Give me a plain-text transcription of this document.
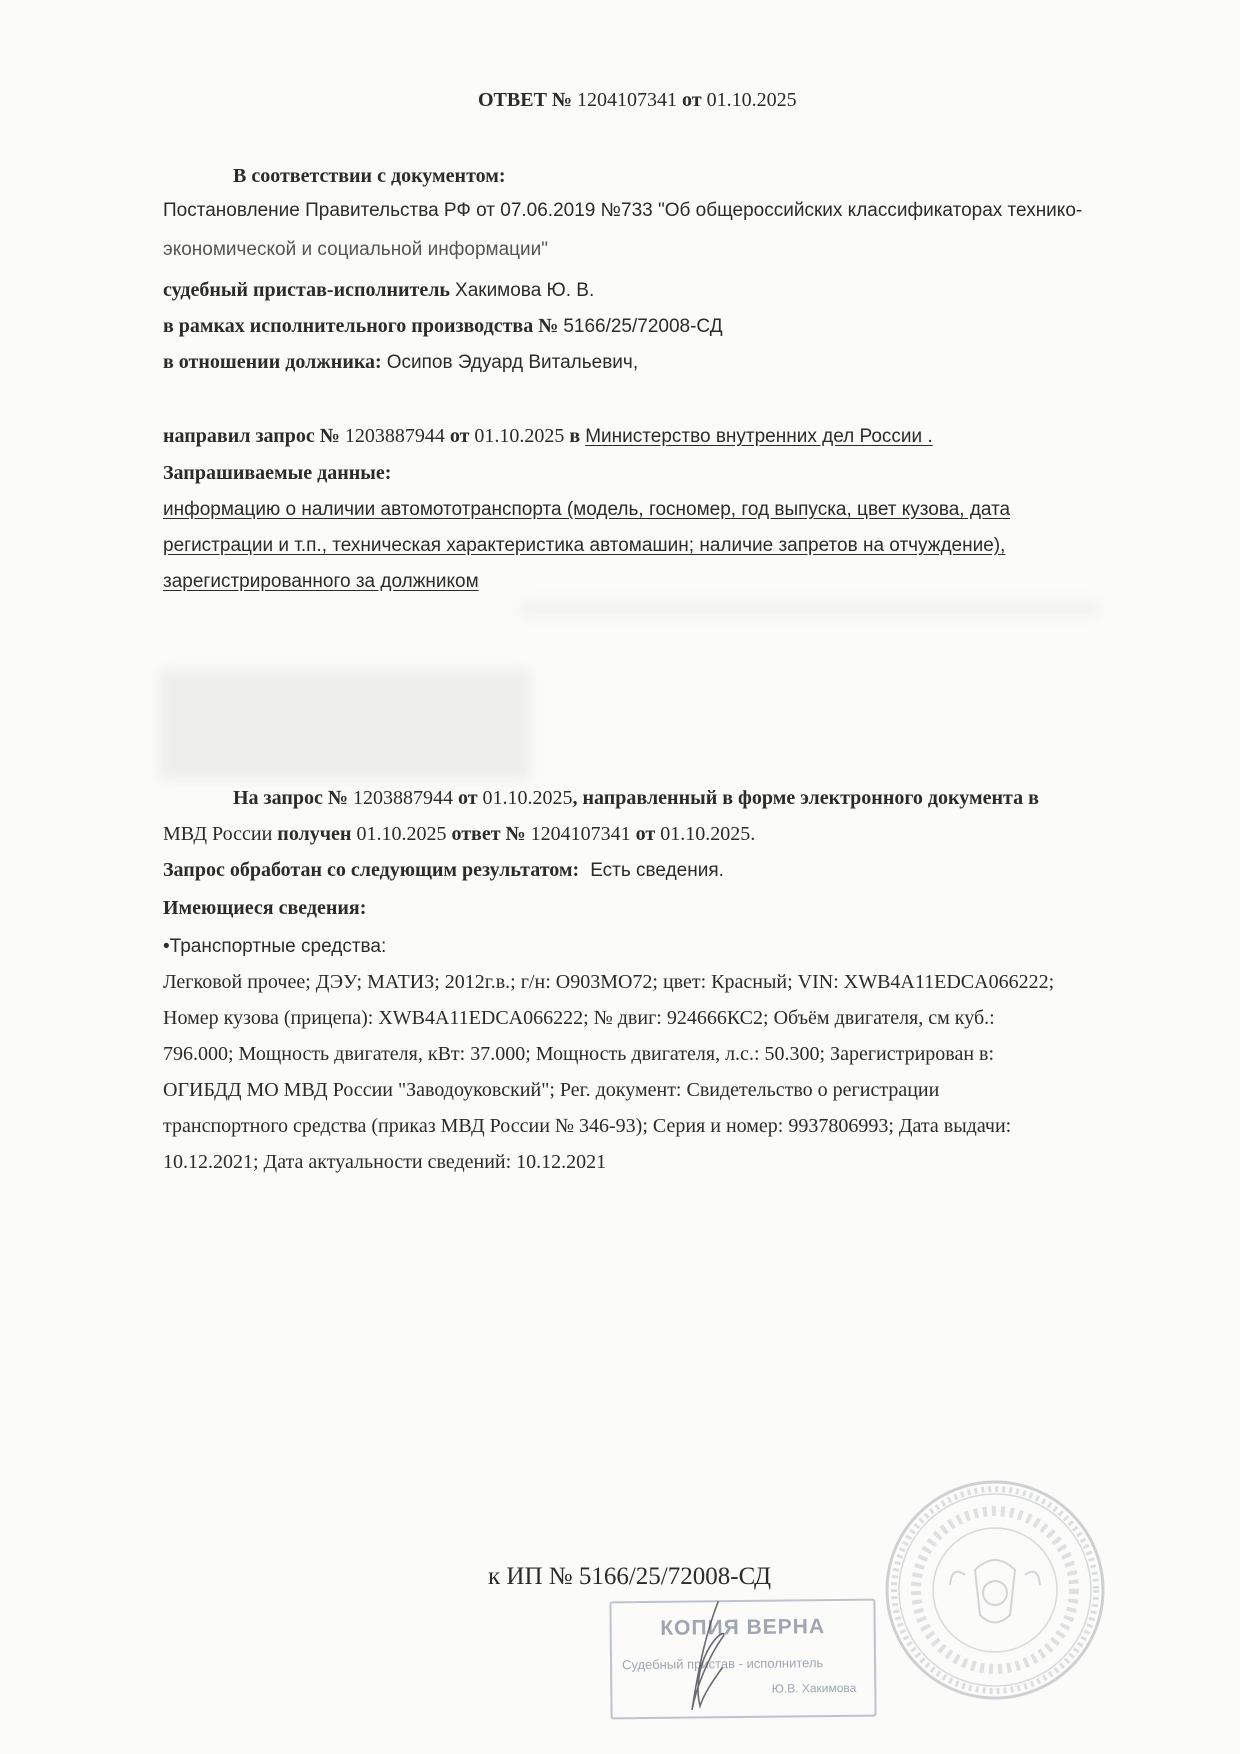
ОТВЕТ № 1204107341 от 01.10.2025
В соответствии с документом:
Постановление Правительства РФ от 07.06.2019 №733 "Об общероссийских классификаторах технико-
экономической и социальной информации"
судебный пристав-исполнитель Хакимова Ю. В.
в рамках исполнительного производства № 5166/25/72008-СД
в отношении должника: Осипов Эдуард Витальевич,
направил запрос № 1203887944 от 01.10.2025 в Министерство внутренних дел России .
Запрашиваемые данные:
информацию о наличии автомототранспорта (модель, госномер, год выпуска, цвет кузова, дата
регистрации и т.п., техническая характеристика автомашин; наличие запретов на отчуждение),
зарегистрированного за должником
На запрос № 1203887944 от 01.10.2025, направленный в форме электронного документа в
МВД России получен 01.10.2025 ответ № 1204107341 от 01.10.2025.
Запрос обработан со следующим результатом: Есть сведения.
Имеющиеся сведения:
•Транспортные средства:
Легковой прочее; ДЭУ; МАТИЗ; 2012г.в.; г/н: О903МО72; цвет: Красный; VIN: XWB4A11EDCA066222;
Номер кузова (прицепа): XWB4A11EDCA066222; № двиг: 924666КС2; Объём двигателя, см куб.:
796.000; Мощность двигателя, кВт: 37.000; Мощность двигателя, л.с.: 50.300; Зарегистрирован в:
ОГИБДД МО МВД России "Заводоуковский"; Рег. документ: Свидетельство о регистрации
транспортного средства (приказ МВД России № 346-93); Серия и номер: 9937806993; Дата выдачи:
10.12.2021; Дата актуальности сведений: 10.12.2021
к ИП № 5166/25/72008-СД
КОПИЯ ВЕРНА
Судебный пристав - исполнитель
Ю.В. Хакимова
